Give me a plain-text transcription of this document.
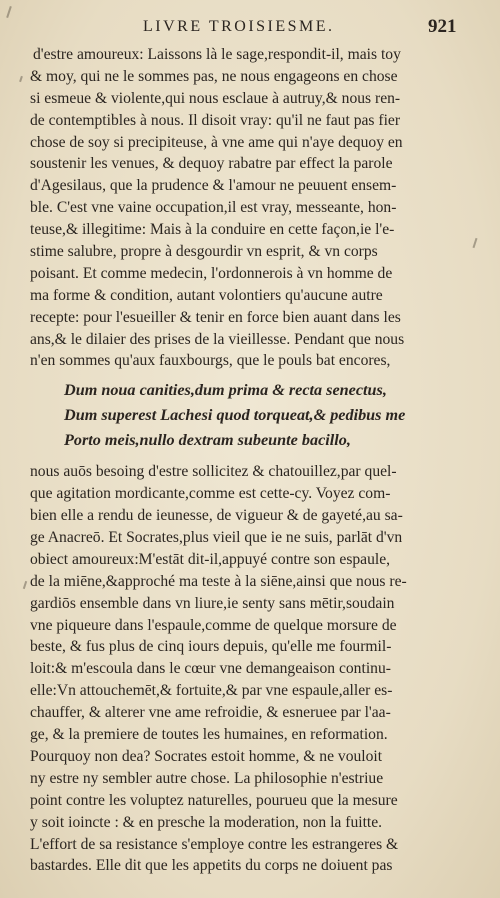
LIVRE TROISIESME.	921
d'estre amoureux: Laissons là le sage,respondit-il, mais toy
& moy, qui ne le sommes pas, ne nous engageons en chose
si esmeue & violente,qui nous esclaue à autruy,& nous ren-
de contemptibles à nous. Il disoit vray: qu'il ne faut pas fier
chose de soy si precipiteuse, à vne ame qui n'aye dequoy en
soustenir les venues, & dequoy rabatre par effect la parole
d'Agesilaus, que la prudence & l'amour ne peuuent ensem-
ble. C'est vne vaine occupation,il est vray, messeante, hon-
teuse,& illegitime: Mais à la conduire en cette façon,ie l'e-
stime salubre, propre à desgourdir vn esprit, & vn corps
poisant. Et comme medecin, l'ordonnerois à vn homme de
ma forme & condition, autant volontiers qu'aucune autre
recepte: pour l'esueiller & tenir en force bien auant dans les
ans,& le dilaier des prises de la vieillesse. Pendant que nous
n'en sommes qu'aux fauxbourgs, que le pouls bat encores,
Dum noua canities,dum prima & recta senectus,
Dum superest Lachesi quod torqueat,& pedibus me
Porto meis,nullo dextram subeunte bacillo,
nous auōs besoing d'estre sollicitez & chatouillez,par quel-
que agitation mordicante,comme est cette-cy. Voyez com-
bien elle a rendu de ieunesse, de vigueur & de gayeté,au sa-
ge Anacreō. Et Socrates,plus vieil que ie ne suis, parlāt d'vn
obiect amoureux:M'estāt dit-il,appuyé contre son espaule,
de la miēne,&approché ma teste à la siēne,ainsi que nous re-
gardiōs ensemble dans vn liure,ie senty sans mētir,soudain
vne piqueure dans l'espaule,comme de quelque morsure de
beste, & fus plus de cinq iours depuis, qu'elle me fourmil-
loit:& m'escoula dans le cœur vne demangeaison continu-
elle:Vn attouchemēt,& fortuite,& par vne espaule,aller es-
chauffer, & alterer vne ame refroidie, & esneruee par l'aa-
ge, & la premiere de toutes les humaines, en reformation.
Pourquoy non dea? Socrates estoit homme, & ne vouloit
ny estre ny sembler autre chose. La philosophie n'estriue
point contre les voluptez naturelles, pourueu que la mesure
y soit ioincte : & en presche la moderation, non la fuitte.
L'effort de sa resistance s'employe contre les estrangeres &
bastardes. Elle dit que les appetits du corps ne doiuent pas
